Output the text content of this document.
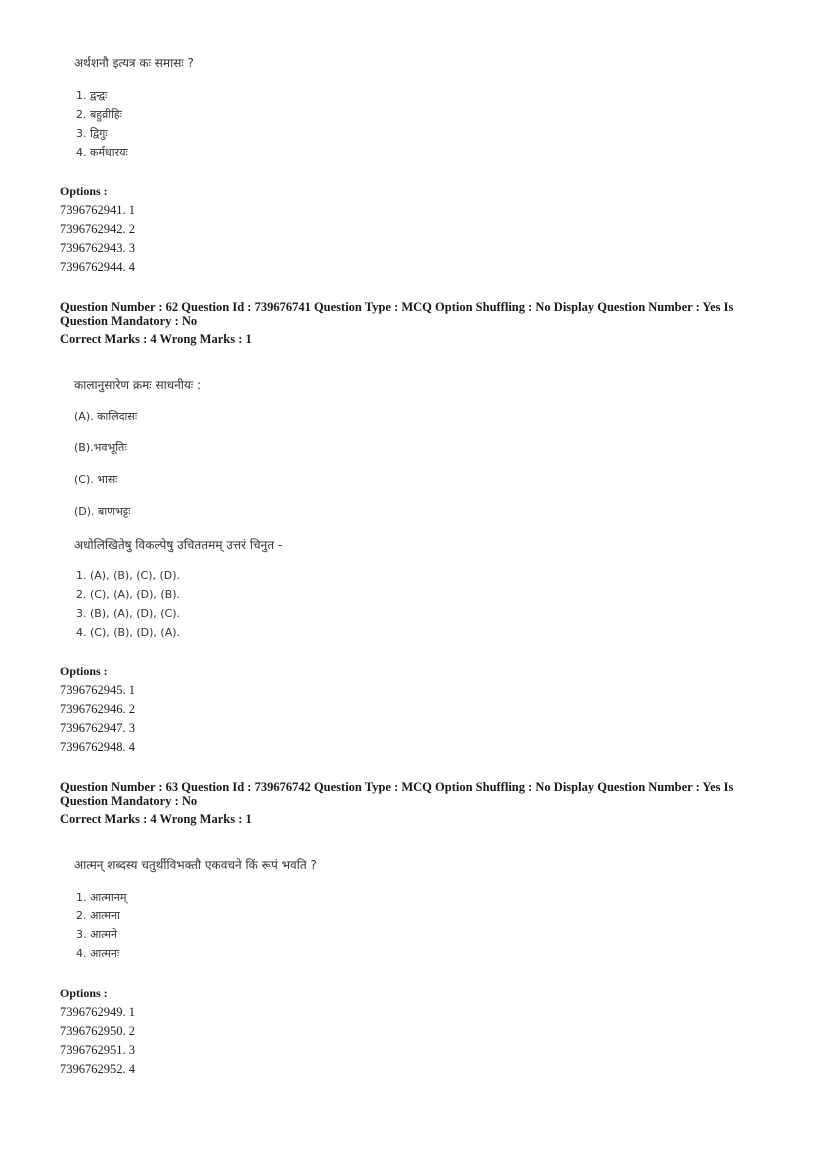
अर्थशनौ इत्यत्र कः समासः ?
1. द्वन्द्वः
2. बहुव्रीहिः
3. द्विगुः
4. कर्मधारयः
Options :
7396762941. 1
7396762942. 2
7396762943. 3
7396762944. 4
Question Number : 62 Question Id : 739676741 Question Type : MCQ Option Shuffling : No Display Question Number : Yes Is
Question Mandatory : No
Correct Marks : 4 Wrong Marks : 1
कालानुसारेण क्रमः साधनीयः :
(A). कालिदासः
(B).भवभूतिः
(C). भासः
(D). बाणभट्टः
अधोलिखितेषु विकल्पेषु उचिततमम् उत्तरं चिनुत -
1. (A), (B), (C), (D).
2. (C), (A), (D), (B).
3. (B), (A), (D), (C).
4. (C), (B), (D), (A).
Options :
7396762945. 1
7396762946. 2
7396762947. 3
7396762948. 4
Question Number : 63 Question Id : 739676742 Question Type : MCQ Option Shuffling : No Display Question Number : Yes Is
Question Mandatory : No
Correct Marks : 4 Wrong Marks : 1
आत्मन् शब्दस्य चतुर्थीविभक्तौ एकवचने किं रूपं भवति ?
1. आत्मानम्
2. आत्मना
3. आत्मने
4. आत्मनः
Options :
7396762949. 1
7396762950. 2
7396762951. 3
7396762952. 4
